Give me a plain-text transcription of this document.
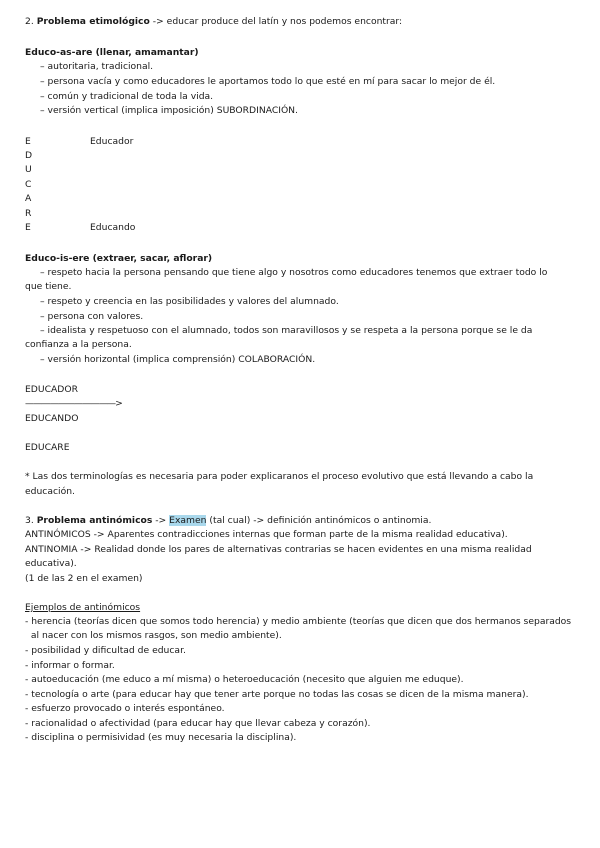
2. Problema etimológico -> educar produce del latín y nos podemos encontrar:
Educo-as-are (llenar, amamantar)
– autoritaria, tradicional.
– persona vacía y como educadores le aportamos todo lo que esté en mí para sacar lo mejor de él.
– común y tradicional de toda la vida.
– versión vertical (implica imposición) SUBORDINACIÓN.
E	Educador
D
U
C
A
R
E	Educando
Educo-is-ere (extraer, sacar, aflorar)
– respeto hacia la persona pensando que tiene algo y nosotros como educadores tenemos que extraer todo lo
que tiene.
– respeto y creencia en las posibilidades y valores del alumnado.
– persona con valores.
– idealista y respetuoso con el alumnado, todos son maravillosos y se respeta a la persona porque se le da
confianza a la persona.
– versión horizontal (implica comprensión) COLABORACIÓN.
EDUCADOR
———————————>
EDUCANDO
EDUCARE
* Las dos terminologías es necesaria para poder explicaranos el proceso evolutivo que está llevando a cabo la
educación.
3. Problema antinómicos -> Examen (tal cual) -> definición antinómicos o antinomia.
ANTINÓMICOS -> Aparentes contradicciones internas que forman parte de la misma realidad educativa).
ANTINOMIA -> Realidad donde los pares de alternativas contrarias se hacen evidentes en una misma realidad
educativa).
(1 de las 2 en el examen)
Ejemplos de antinómicos
- herencia (teorías dicen que somos todo herencia) y medio ambiente (teorías que dicen que dos hermanos separados
al nacer con los mismos rasgos, son medio ambiente).
- posibilidad y dificultad de educar.
- informar o formar.
- autoeducación (me educo a mí misma) o heteroeducación (necesito que alguien me eduque).
- tecnología o arte (para educar hay que tener arte porque no todas las cosas se dicen de la misma manera).
- esfuerzo provocado o interés espontáneo.
- racionalidad o afectividad (para educar hay que llevar cabeza y corazón).
- disciplina o permisividad (es muy necesaria la disciplina).
